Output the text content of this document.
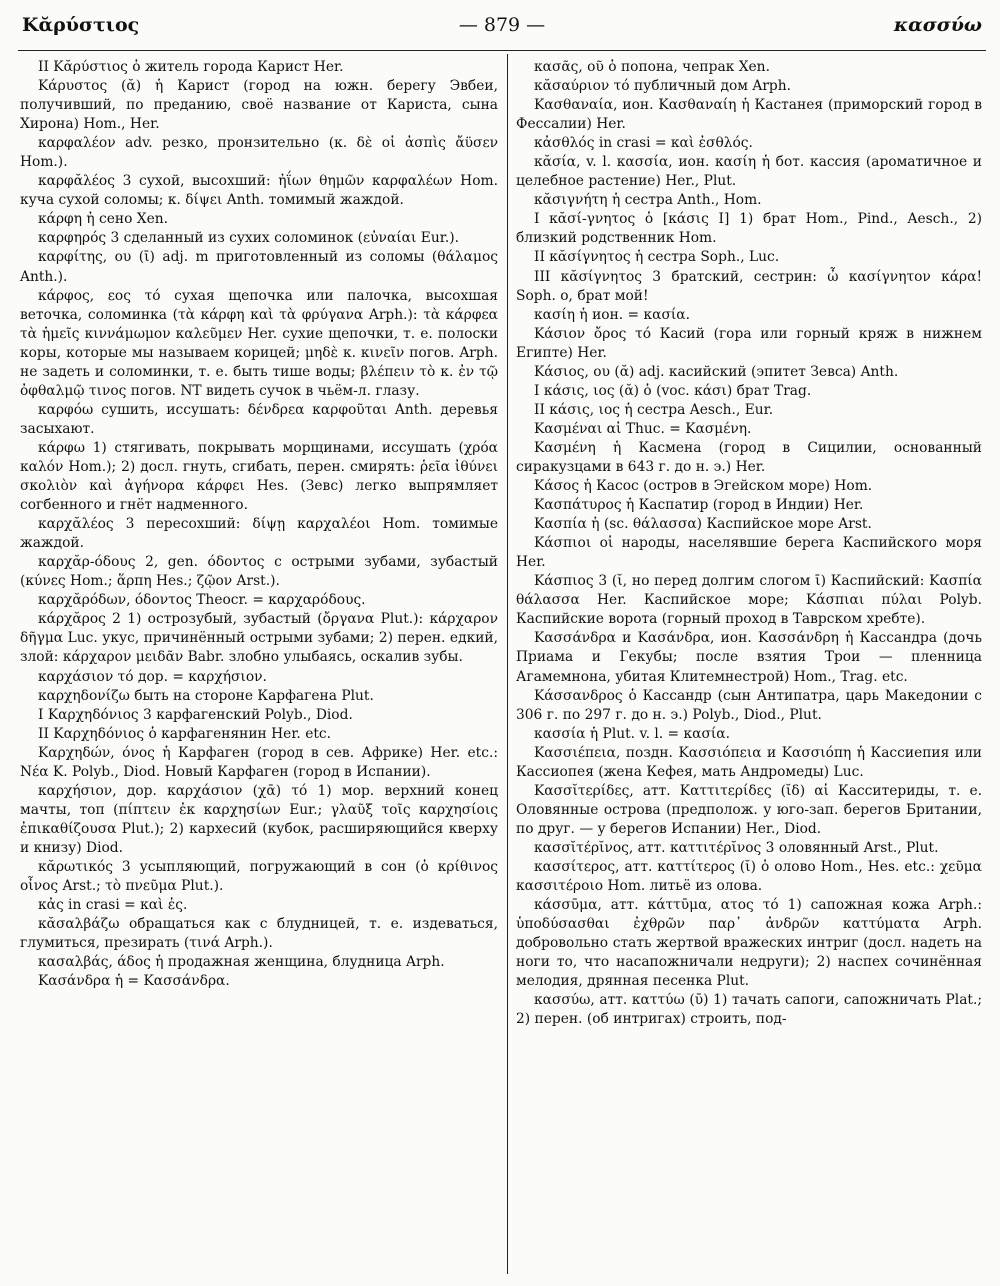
Κᾰρύστιος	— 879 —	κασσύω

II Κᾰρύστιος ὁ житель города Карист Her.

Κάρυστος (ᾰ) ἡ Карист (город на южн. берегу Эвбеи, получивший, по преданию, своё название от Кариста, сына Хирона) Hom., Her.

καρφαλέον adv. резко, пронзительно (κ. δὲ οἱ ἀσπὶς ἄϋσεν Hom.).

καρφᾰλέος 3 сухой, высохший: ἠΐων θημῶν καρφαλέων Hom. куча сухой соломы; κ. δίψει Anth. томимый жаждой.

κάρφη ἡ сено Xen.

καρφηρός 3 сделанный из сухих соломинок (εὐναίαι Eur.).

καρφίτης, ου (ῑ) adj. m приготовленный из соломы (θάλαμος Anth.).

κάρφος, εος τό сухая щепочка или палочка, высохшая веточка, соломинка (τὰ κάρφη καὶ τὰ φρύγανα Arph.): τὰ κάρφεα τὰ ἡμεῖς κιννάμωμον καλεῦμεν Her. сухие щепочки, т. е. полоски коры, которые мы называем корицей; μηδὲ κ. κινεῖν погов. Arph. не задеть и соломинки, т. е. быть тише воды; βλέπειν τὸ κ. ἐν τῷ ὀφθαλμῷ τινος погов. NT видеть сучок в чьём-л. глазу.

καρφόω сушить, иссушать: δένδρεα καρφοῦται Anth. деревья засыхают.

κάρφω 1) стягивать, покрывать морщинами, иссушать (χρόα καλόν Hom.); 2) досл. гнуть, сгибать, перен. смирять: ῥεῖα ἰθύνει σκολιὸν καὶ ἀγήνορα κάρφει Hes. (Зевс) легко выпрямляет согбенного и гнёт надменного.

καρχᾰλέος 3 пересохший: δίψῃ καρχαλέοι Hom. томимые жаждой.

καρχᾰρ-όδους 2, gen. όδοντος с острыми зубами, зубастый (κύνες Hom.; ἅρπη Hes.; ζῷον Arst.).

καρχᾰρόδων, όδοντος Theocr. = καρχαρόδους.

κάρχᾰρος 2 1) острозубый, зубастый (ὄργανα Plut.): κάρχαρον δῆγμα Luc. укус, причинённый острыми зубами; 2) перен. едкий, злой: κάρχαρον μειδᾶν Babr. злобно улыбаясь, оскалив зубы.

καρχάσιον τό дор. = καρχήσιον.

καρχηδονίζω быть на стороне Карфагена Plut.

I Καρχηδόνιος 3 карфагенский Polyb., Diod.

II Καρχηδόνιος ὁ карфагенянин Her. etc.

Καρχηδών, όνος ἡ Карфаген (город в сев. Африке) Her. etc.: Νέα Κ. Polyb., Diod. Новый Карфаген (город в Испании).

καρχήσιον, дор. καρχάσιον (χᾱ) τό 1) мор. верхний конец мачты, топ (πίπτειν ἐκ καρχησίων Eur.; γλαῦξ τοῖς καρχησίοις ἐπικαθίζουσα Plut.); 2) кархесий (кубок, расширяющийся кверху и книзу) Diod.

κᾰρωτικός 3 усыпляющий, погружающий в сон (ὁ κρίθινος οἶνος Arst.; τὸ πνεῦμα Plut.).

κἀς in crasi = καὶ ἐς.

κᾰσαλβάζω обращаться как с блудницей, т. е. издеваться, глумиться, презирать (τινά Arph.).

κασαλβάς, άδος ἡ продажная женщина, блудница Arph.

Κασάνδρα ἡ = Κασσάνδρα.

κασᾶς, οῦ ὁ попона, чепрак Xen.

κᾰσαύριον τό публичный дом Arph.

Κασθαναία, ион. Κασθαναίη ἡ Кастанея (приморский город в Фессалии) Her.

κἀσθλός in crasi = καὶ ἐσθλός.

κᾰσία, v. l. κασσία, ион. κασίη ἡ бот. кассия (ароматичное и целебное растение) Her., Plut.

κᾰσιγνήτη ἡ сестра Anth., Hom.

I κᾰσί-γνητος ὁ [κάσις I] 1) брат Hom., Pind., Aesch., 2) близкий родственник Hom.

II κᾰσίγνητος ἡ сестра Soph., Luc.

III κᾰσίγνητος 3 братский, сестрин: ὦ κασίγνητον κάρα! Soph. о, брат мой!

κασίη ἡ ион. = κασία.

Κάσιον ὄρος τό Касий (гора или горный кряж в нижнем Египте) Her.

Κάσιος, ου (ᾰ) adj. касийский (эпитет Зевса) Anth.

I κάσις, ιος (ᾰ) ὁ (voc. κάσι) брат Trag.

II κάσις, ιος ἡ сестра Aesch., Eur.

Κασμέναι αἱ Thuc. = Κασμένη.

Κασμένη ἡ Касмена (город в Сицилии, основанный сиракузцами в 643 г. до н. э.) Her.

Κάσος ἡ Касос (остров в Эгейском море) Hom.

Κασπάτυρος ἡ Каспатир (город в Индии) Her.

Κασπία ἡ (sc. θάλασσα) Каспийское море Arst.

Κάσπιοι οἱ народы, населявшие берега Каспийского моря Her.

Κάσπιος 3 (ῐ, но перед долгим слогом ῑ) Каспийский: Κασπία θάλασσα Her. Каспийское море; Κάσπιαι πύλαι Polyb. Каспийские ворота (горный проход в Таврском хребте).

Κασσάνδρα и Κασάνδρα, ион. Κασσάνδρη ἡ Кассандра (дочь Приама и Гекубы; после взятия Трои — пленница Агамемнона, убитая Клитемнестрой) Hom., Trag. etc.

Κάσσανδρος ὁ Кассандр (сын Антипатра, царь Македонии с 306 г. по 297 г. до н. э.) Polyb., Diod., Plut.

κασσία ἡ Plut. v. l. = κασία.

Κασσιέπεια, поздн. Κασσιόπεια и Κασσιόπη ἡ Кассиепия или Кассиопея (жена Кефея, мать Андромеды) Luc.

Κασσῐτερίδες, атт. Καττιτερίδες (ῐδ) αἱ Касситериды, т. е. Оловянные острова (предполож. у юго-зап. берегов Британии, по друг. — у берегов Испании) Her., Diod.

κασσῐτέρῐνος, атт. καττιτέρῐνος 3 оловянный Arst., Plut.

κασσίτερος, атт. καττίτερος (ῐ) ὁ олово Hom., Hes. etc.: χεῦμα κασσιτέροιο Hom. литьё из олова.

κάσσῡμα, атт. κάττῡμα, ατος τό 1) сапожная кожа Arph.: ὑποδύσασθαι ἐχθρῶν παρ᾽ ἀνδρῶν καττύματα Arph. добровольно стать жертвой вражеских интриг (досл. надеть на ноги то, что насапожничали недруги); 2) наспех сочинённая мелодия, дрянная песенка Plut.

κασσύω, атт. καττύω (ῡ) 1) тачать сапоги, сапожничать Plat.; 2) перен. (об интригах) строить, под-
